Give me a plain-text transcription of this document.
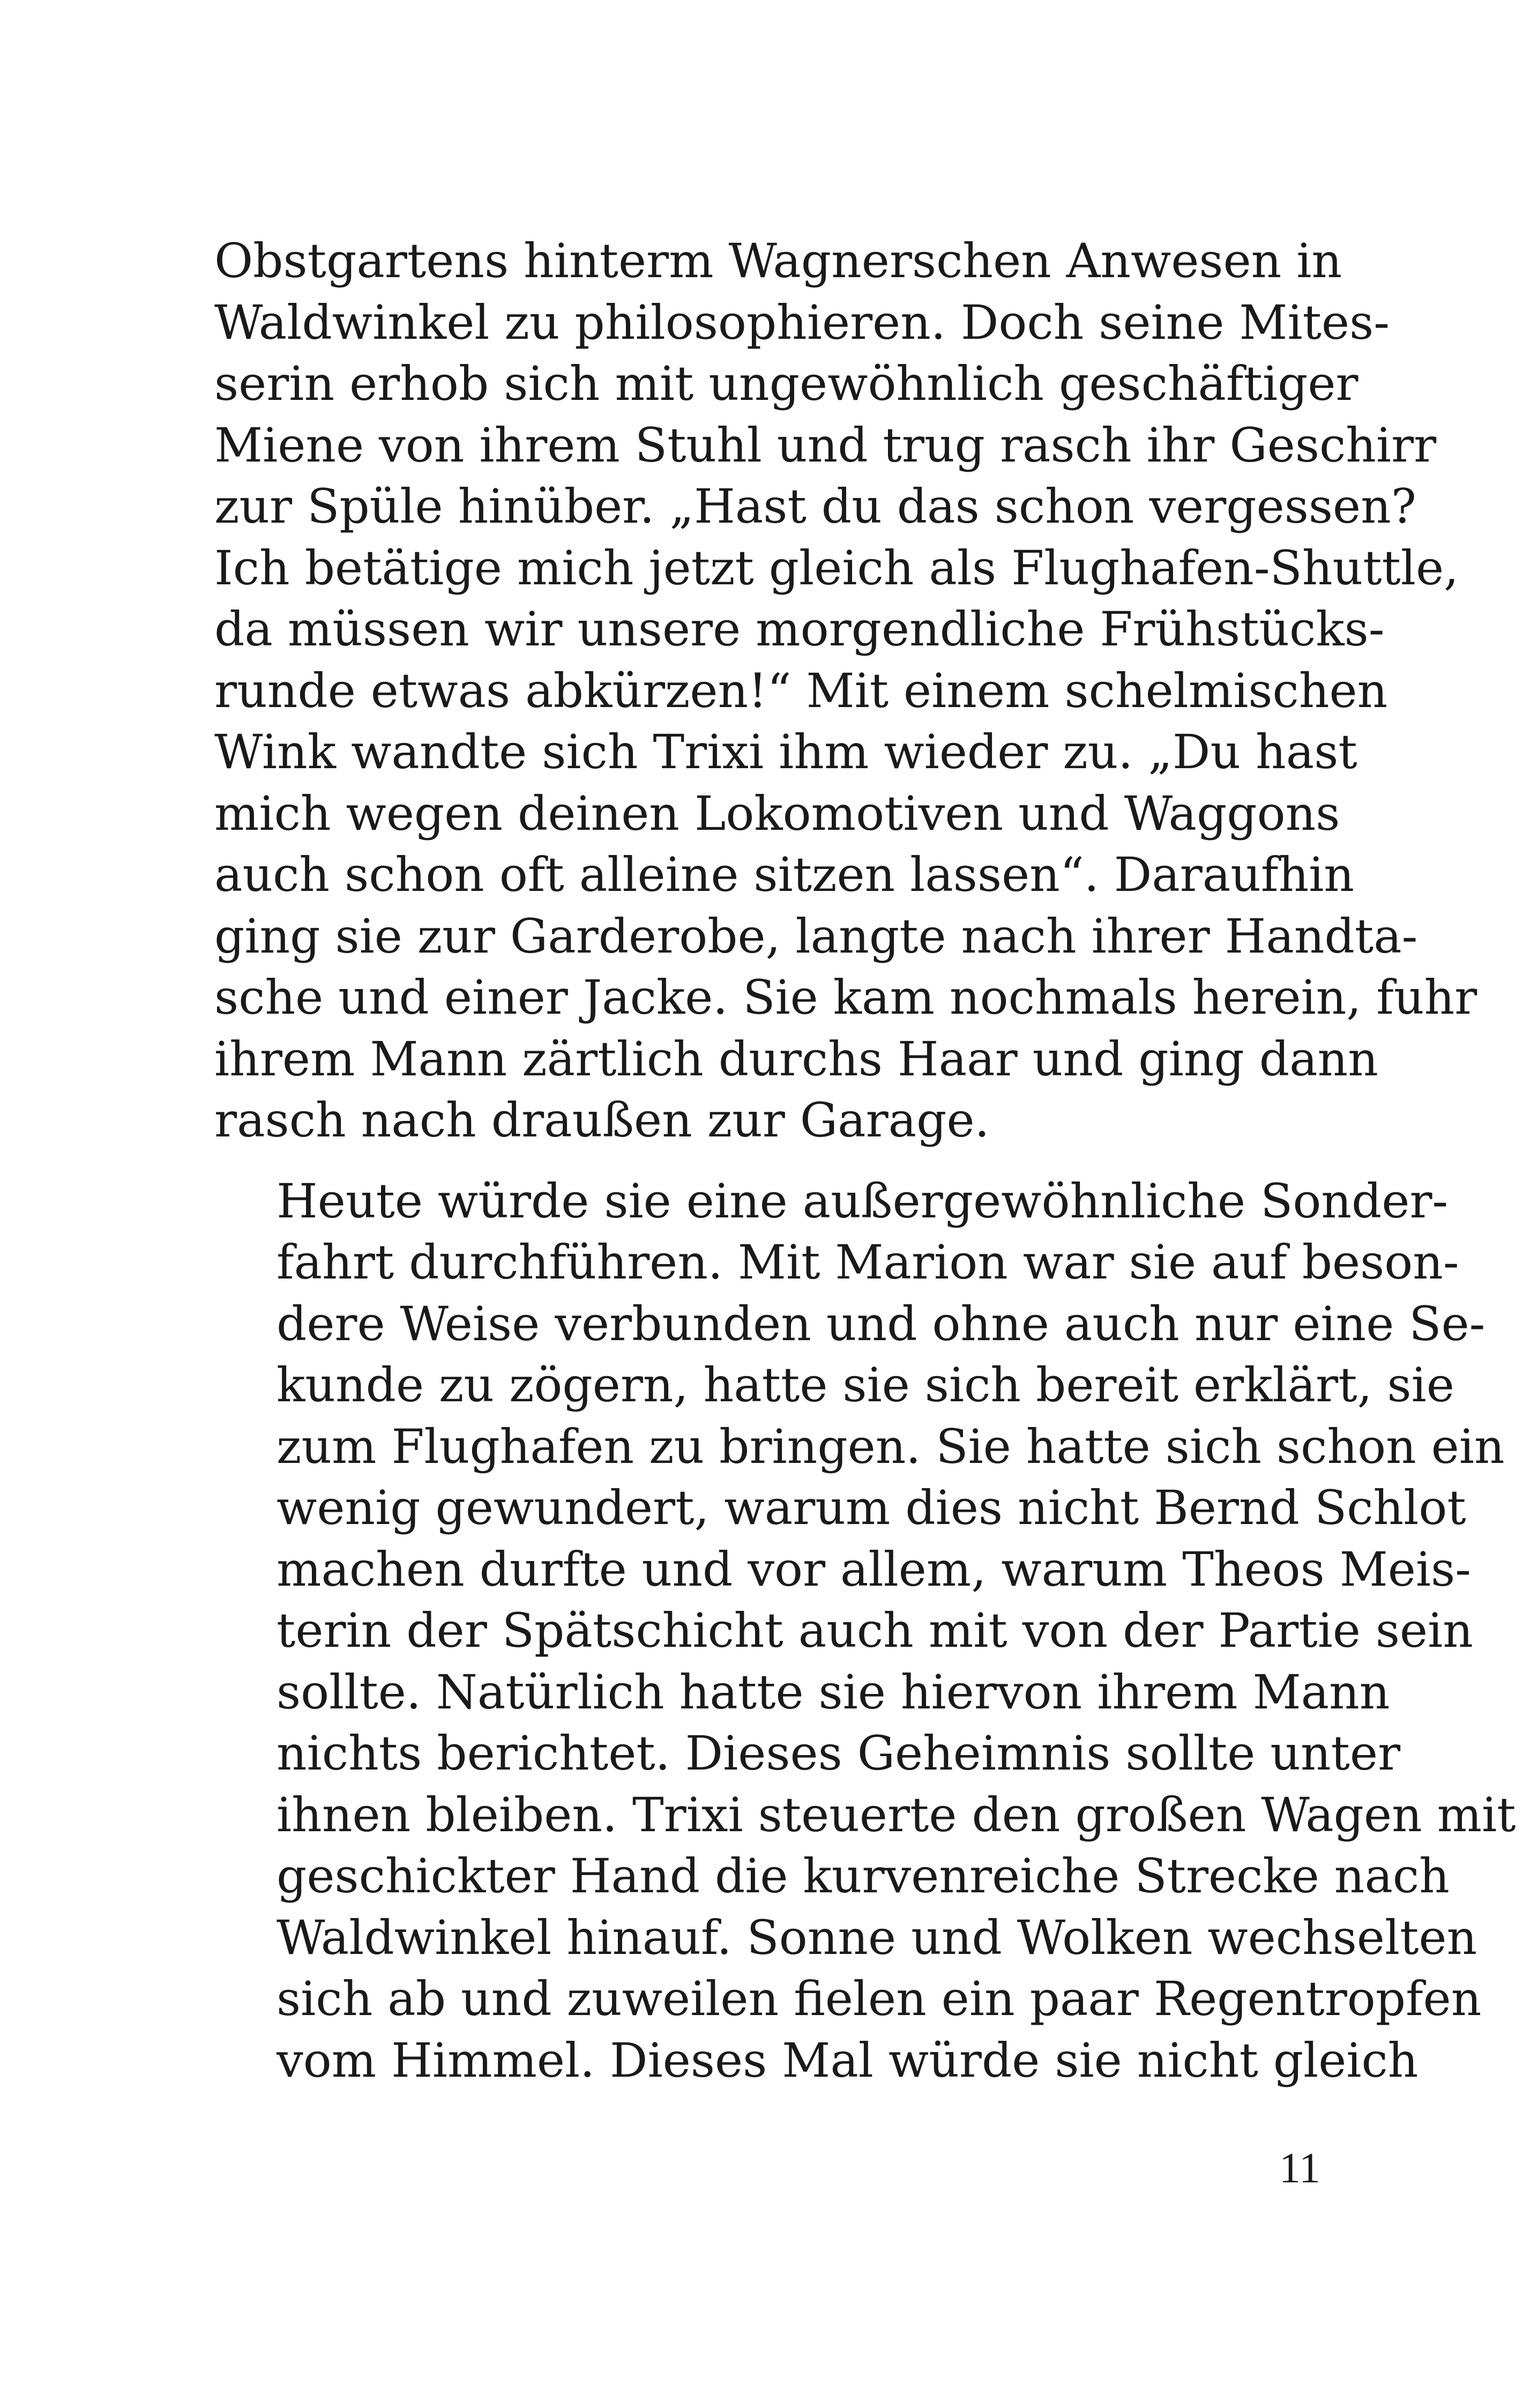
Obstgartens hinterm Wagnerschen Anwesen in
Waldwinkel zu philosophieren. Doch seine Mites-
serin erhob sich mit ungewöhnlich geschäftiger
Miene von ihrem Stuhl und trug rasch ihr Geschirr
zur Spüle hinüber. „Hast du das schon vergessen?
Ich betätige mich jetzt gleich als Flughafen-Shuttle,
da müssen wir unsere morgendliche Frühstücks-
runde etwas abkürzen!“ Mit einem schelmischen
Wink wandte sich Trixi ihm wieder zu. „Du hast
mich wegen deinen Lokomotiven und Waggons
auch schon oft alleine sitzen lassen“. Daraufhin
ging sie zur Garderobe, langte nach ihrer Handta-
sche und einer Jacke. Sie kam nochmals herein, fuhr
ihrem Mann zärtlich durchs Haar und ging dann
rasch nach draußen zur Garage.

Heute würde sie eine außergewöhnliche Sonder-
fahrt durchführen. Mit Marion war sie auf beson-
dere Weise verbunden und ohne auch nur eine Se-
kunde zu zögern, hatte sie sich bereit erklärt, sie
zum Flughafen zu bringen. Sie hatte sich schon ein
wenig gewundert, warum dies nicht Bernd Schlot
machen durfte und vor allem, warum Theos Meis-
terin der Spätschicht auch mit von der Partie sein
sollte. Natürlich hatte sie hiervon ihrem Mann
nichts berichtet. Dieses Geheimnis sollte unter
ihnen bleiben. Trixi steuerte den großen Wagen mit
geschickter Hand die kurvenreiche Strecke nach
Waldwinkel hinauf. Sonne und Wolken wechselten
sich ab und zuweilen fielen ein paar Regentropfen
vom Himmel. Dieses Mal würde sie nicht gleich

11
